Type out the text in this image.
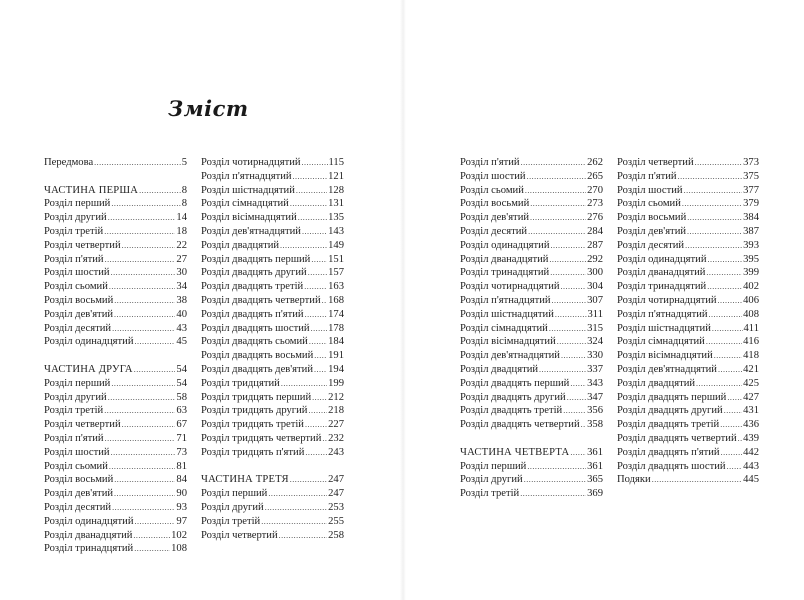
Зміст
Передмова .....	5
ЧАСТИНА ПЕРША .....	8
Розділ перший .....	8
Розділ другий .....	14
Розділ третій .....	18
Розділ четвертий .....	22
Розділ п'ятий .....	27
Розділ шостий .....	30
Розділ сьомий .....	34
Розділ восьмий .....	38
Розділ дев'ятий .....	40
Розділ десятий .....	43
Розділ одинадцятий .....	45
ЧАСТИНА ДРУГА .....	54
Розділ перший .....	54
Розділ другий .....	58
Розділ третій .....	63
Розділ четвертий .....	67
Розділ п'ятий .....	71
Розділ шостий .....	73
Розділ сьомий .....	81
Розділ восьмий .....	84
Розділ дев'ятий .....	90
Розділ десятий .....	93
Розділ одинадцятий .....	97
Розділ дванадцятий .....	102
Розділ тринадцятий .....	108
Розділ чотирнадцятий .....	115
Розділ п'ятнадцятий .....	121
Розділ шістнадцятий .....	128
Розділ сімнадцятий .....	131
Розділ вісімнадцятий .....	135
Розділ дев'ятнадцятий .....	143
Розділ двадцятий .....	149
Розділ двадцять перший ..... 151
Розділ двадцять другий ..... 157
Розділ двадцять третій ..... 163
Розділ двадцять четвертий ..... 168
Розділ двадцять п'ятий ..... 174
Розділ двадцять шостий ..... 178
Розділ двадцять сьомий ..... 184
Розділ двадцять восьмий ..... 191
Розділ двадцять дев'ятий ..... 194
Розділ тридцятий .....	199
Розділ тридцять перший ..... 212
Розділ тридцять другий ..... 218
Розділ тридцять третій ..... 227
Розділ тридцять четвертий ..... 232
Розділ тридцять п'ятий ..... 243
ЧАСТИНА ТРЕТЯ .....	247
Розділ перший .....	247
Розділ другий .....	253
Розділ третій .....	255
Розділ четвертий .....	258
Розділ п'ятий .....	262
Розділ шостий .....	265
Розділ сьомий .....	270
Розділ восьмий .....	273
Розділ дев'ятий .....	276
Розділ десятий .....	284
Розділ одинадцятий .....	287
Розділ дванадцятий .....	292
Розділ тринадцятий .....	300
Розділ чотирнадцятий .....	304
Розділ п'ятнадцятий .....	307
Розділ шістнадцятий .....	311
Розділ сімнадцятий .....	315
Розділ вісімнадцятий .....	324
Розділ дев'ятнадцятий .....	330
Розділ двадцятий .....	337
Розділ двадцять перший ..... 343
Розділ двадцять другий ..... 347
Розділ двадцять третій ..... 356
Розділ двадцять четвертий ..... 358
ЧАСТИНА ЧЕТВЕРТА ..... 361
Розділ перший .....	361
Розділ другий .....	365
Розділ третій .....	369
Розділ четвертий .....	373
Розділ п'ятий .....	375
Розділ шостий .....	377
Розділ сьомий .....	379
Розділ восьмий .....	384
Розділ дев'ятий .....	387
Розділ десятий .....	393
Розділ одинадцятий .....	395
Розділ дванадцятий .....	399
Розділ тринадцятий .....	402
Розділ чотирнадцятий .....	406
Розділ п'ятнадцятий .....	408
Розділ шістнадцятий .....	411
Розділ сімнадцятий .....	416
Розділ вісімнадцятий .....	418
Розділ дев'ятнадцятий ..... 421
Розділ двадцятий .....	425
Розділ двадцять перший ..... 427
Розділ двадцять другий ..... 431
Розділ двадцять третій ..... 436
Розділ двадцять четвертий ..... 439
Розділ двадцять п'ятий ..... 442
Розділ двадцять шостий ..... 443
Подяки .....	445
